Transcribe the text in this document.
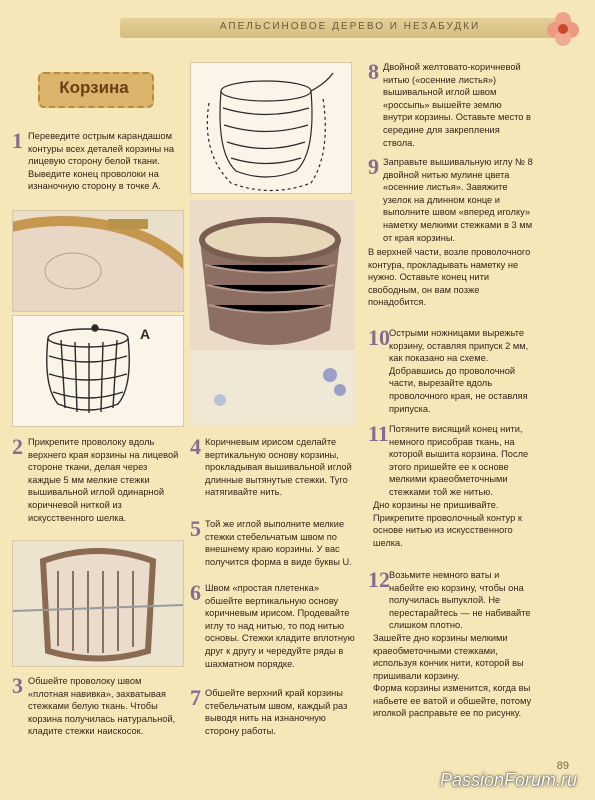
АПЕЛЬСИНОВОЕ ДЕРЕВО И НЕЗАБУДКИ
Корзина
1 Переведите острым карандашом контуры всех деталей корзины на лицевую сторону белой ткани. Выведите конец проволоки на изнаночную сторону в точке А.
A
2 Прикрепите проволоку вдоль верхнего края корзины на лицевой стороне ткани, делая через каждые 5 мм мелкие стежки вышивальной иглой одинарной коричневой ниткой из искусственного шелка.
3 Обшейте проволоку швом «плотная навивка», захватывая стежками белую ткань. Чтобы корзина получилась натуральной, кладите стежки наискосок.
4 Коричневым ирисом сделайте вертикальную основу корзины, прокладывая вышивальной иглой длинные вытянутые стежки. Туго натягивайте нить.
5 Той же иглой выполните мелкие стежки стебельчатым швом по внешнему краю корзины. У вас получится форма в виде буквы U.
6 Швом «простая плетенка» обшейте вертикальную основу коричневым ирисом. Продевайте иглу то над нитью, то под нитью основы. Стежки кладите вплотную друг к другу и чередуйте ряды в шахматном порядке.
7 Обшейте верхний край корзины стебельчатым швом, каждый раз выводя нить на изнаночную сторону работы.
8 Двойной желтовато-коричневой нитью («осенние листья») вышивальной иглой швом «россыпь» вышейте землю внутри корзины. Оставьте место в середине для закрепления ствола.
9 Заправьте вышивальную иглу № 8 двойной нитью мулине цвета «осенние листья». Завяжите узелок на длинном конце и выполните швом «вперед иголку» наметку мелкими стежками в 3 мм от края корзины.
В верхней части, возле проволочного контура, прокладывать наметку не нужно. Оставьте конец нити свободным, он вам позже понадобится.
10 Острыми ножницами вырежьте корзину, оставляя припуск 2 мм, как показано на схеме. Добравшись до проволочной части, вырезайте вдоль проволочного края, не оставляя припуска.
11 Потяните висящий конец нити, немного присобрав ткань, на которой вышита корзина. После этого пришейте ее к основе мелкими краеобметочными стежками той же нитью.
Дно корзины не пришивайте. Прикрепите проволочный контур к основе нитью из искусственного шелка.
12 Возьмите немного ваты и набейте ею корзину, чтобы она получилась выпуклой. Не перестарайтесь — не набивайте слишком плотно.
Зашейте дно корзины мелкими краеобметочными стежками, используя кончик нити, которой вы пришивали корзину.
Форма корзины изменится, когда вы набьете ее ватой и обшейте, потому иголкой расправьте ее по рисунку.
89
PassionForum.ru
